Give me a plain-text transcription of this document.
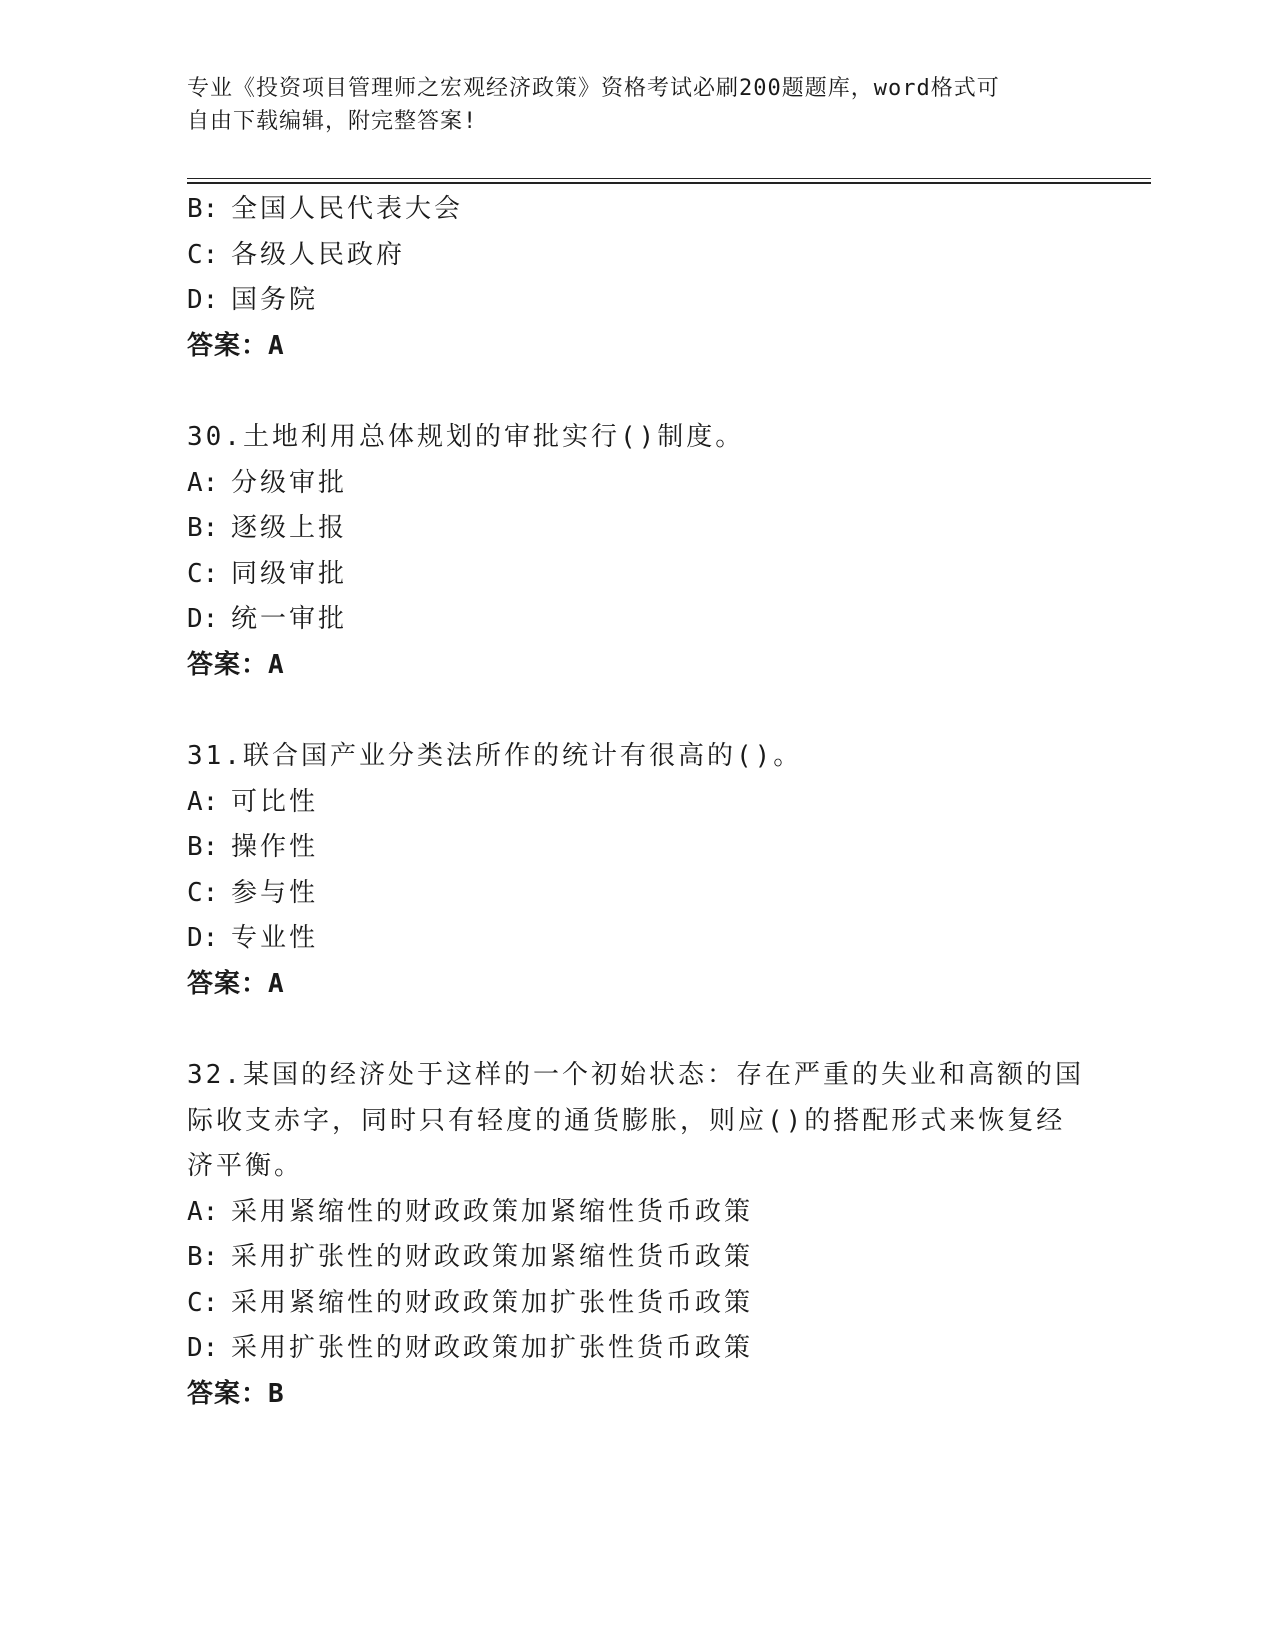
专业《投资项目管理师之宏观经济政策》资格考试必刷200题题库，word格式可
自由下载编辑，附完整答案!
B: 全国人民代表大会
C: 各级人民政府
D: 国务院
答案：A
30.土地利用总体规划的审批实行()制度。
A: 分级审批
B: 逐级上报
C: 同级审批
D: 统一审批
答案：A
31.联合国产业分类法所作的统计有很高的()。
A: 可比性
B: 操作性
C: 参与性
D: 专业性
答案：A
32.某国的经济处于这样的一个初始状态：存在严重的失业和高额的国
际收支赤字，同时只有轻度的通货膨胀，则应()的搭配形式来恢复经
济平衡。
A: 采用紧缩性的财政政策加紧缩性货币政策
B: 采用扩张性的财政政策加紧缩性货币政策
C: 采用紧缩性的财政政策加扩张性货币政策
D: 采用扩张性的财政政策加扩张性货币政策
答案：B
